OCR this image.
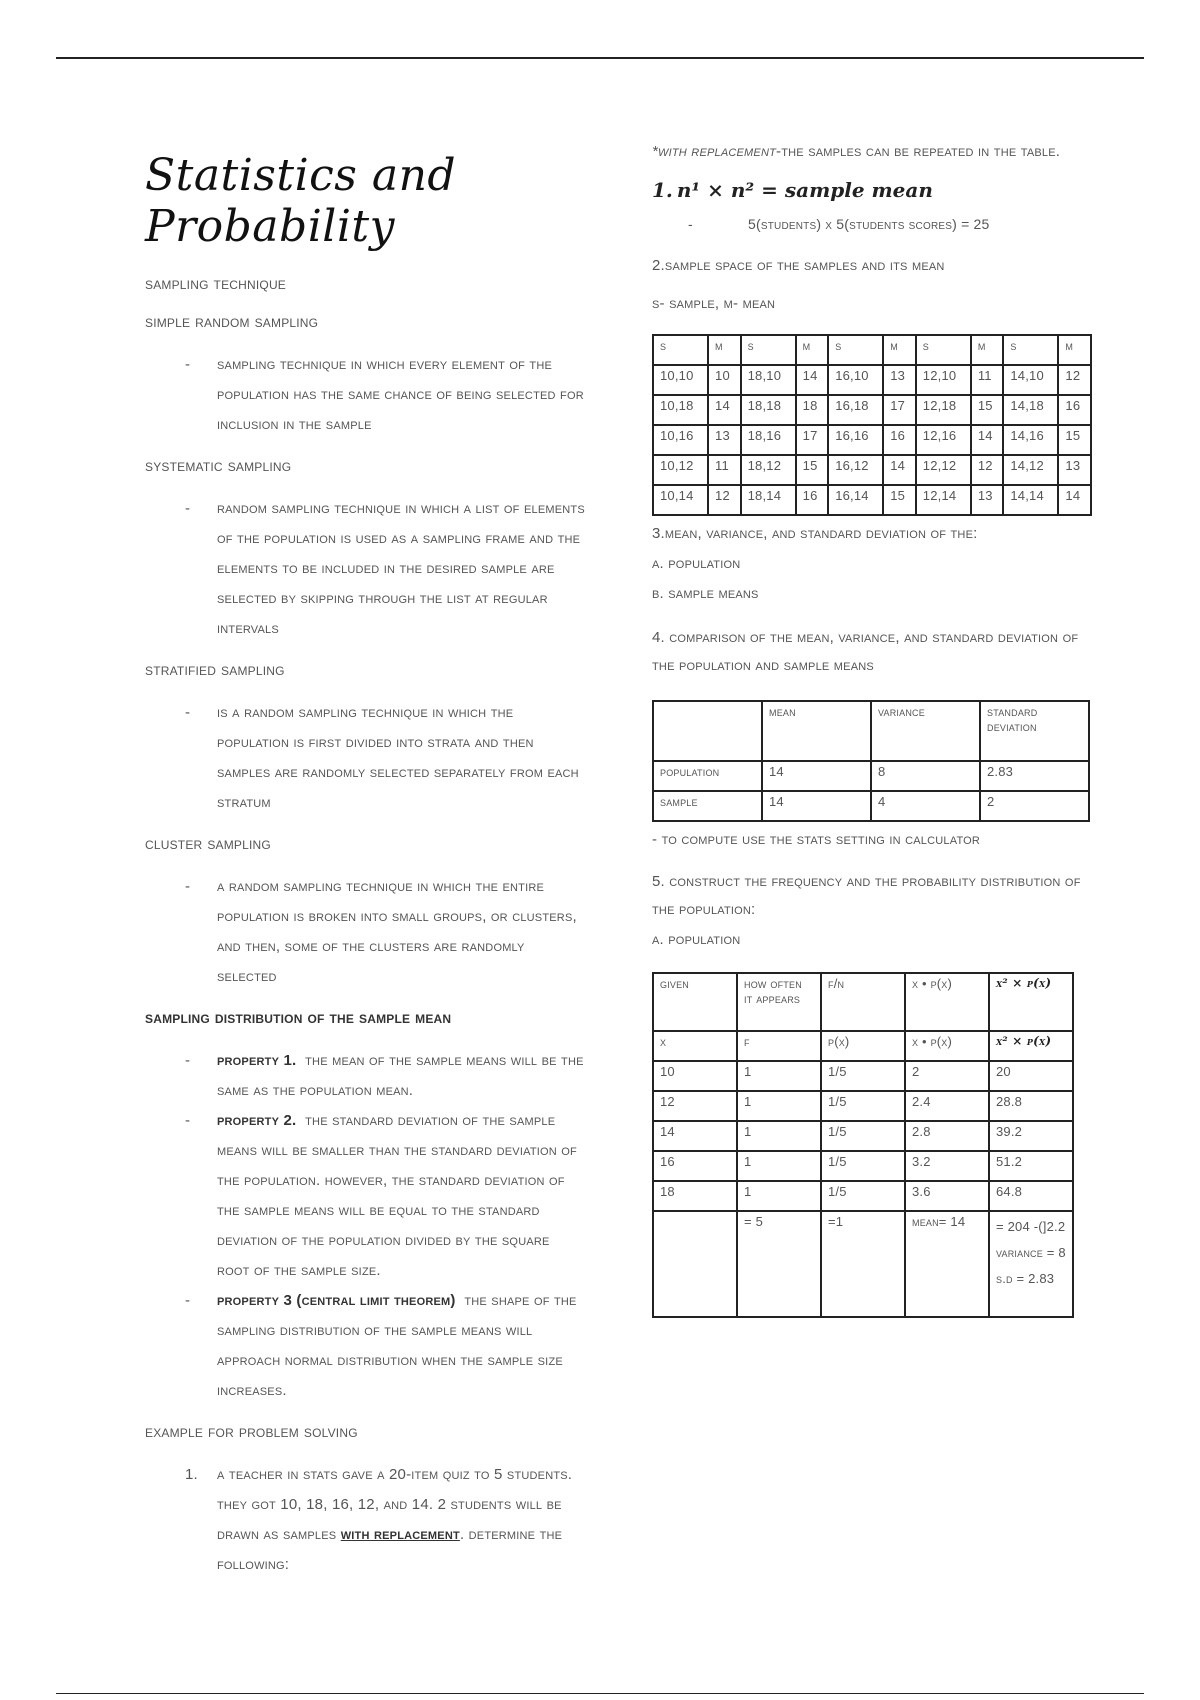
Statistics and Probability
sampling technique
simple random sampling
- sampling technique in which every element of the population has the same chance of being selected for inclusion in the sample
systematic sampling
- random sampling technique in which a list of elements of the population is used as a sampling frame and the elements to be included in the desired sample are selected by skipping through the list at regular intervals
stratified sampling
- is a random sampling technique in which the population is first divided into strata and then samples are randomly selected separately from each stratum
cluster sampling
- a random sampling technique in which the entire population is broken into small groups, or clusters, and then, some of the clusters are randomly selected
sampling distribution of the sample mean
- property 1. the mean of the sample means will be the same as the population mean.
- property 2. the standard deviation of the sample means will be smaller than the standard deviation of the population. however, the standard deviation of the sample means will be equal to the standard deviation of the population divided by the square root of the sample size.
- property 3 (central limit theorem) the shape of the sampling distribution of the sample means will approach normal distribution when the sample size increases.
example for problem solving
1. a teacher in stats gave a 20-item quiz to 5 students. they got 10, 18, 16, 12, and 14. 2 students will be drawn as samples with replacement. determine the following:
*with replacement-the samples can be repeated in the table.
1. n¹ × n² = sample mean
-	5(students) x 5(students scores) = 25
2.sample space of the samples and its mean
s- sample, m- mean
s	m	s	m	s	m	s	m	s	m
10,10	10	18,10	14	16,10	13	12,10	11	14,10	12
10,18	14	18,18	18	16,18	17	12,18	15	14,18	16
10,16	13	18,16	17	16,16	16	12,16	14	14,16	15
10,12	11	18,12	15	16,12	14	12,12	12	14,12	13
10,14	12	18,14	16	16,14	15	12,14	13	14,14	14
3.mean, variance, and standard deviation of the:
a. population
b. sample means
4. comparison of the mean, variance, and standard deviation of the population and sample means
	mean	variance	standard deviation
population	14	8	2.83
sample	14	4	2
- to compute use the stats setting in calculator
5. construct the frequency and the probability distribution of the population:
a. population
given	how often it appears	f/n	x • p(x)	x² × p(x)
x	f	p(x)	x • p(x)	x² × p(x)
10	1	1/5	2	20
12	1	1/5	2.4	28.8
14	1	1/5	2.8	39.2
16	1	1/5	3.2	51.2
18	1	1/5	3.6	64.8
	= 5	=1	mean= 14	= 204 -(]2.2 variance = 8 s.d = 2.83
